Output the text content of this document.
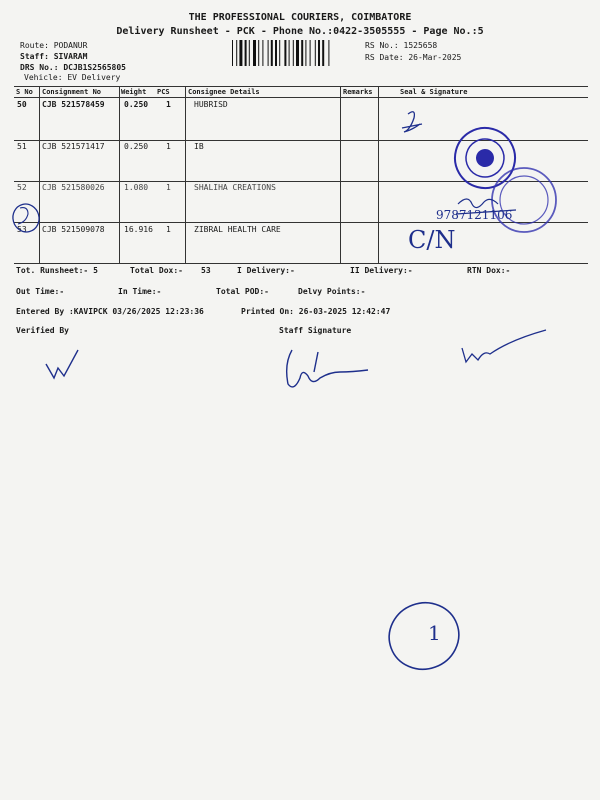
THE PROFESSIONAL COURIERS, COIMBATORE
Delivery Runsheet - PCK - Phone No.:0422-3505555 - Page No.:5
Route: PODANUR
Staff: SIVARAM
DRS No.: DCJB1S2565805
Vehicle: EV Delivery
RS No.: 1525658
RS Date: 26-Mar-2025
S No Consignment No	Weight PCS	Consignee Details	Remarks	Seal & Signature
50 CJB 521578459 0.250 1	HUBRISD
51 CJB 521571417 0.250 1	IB
52 CJB 521580026 1.080 1	SHALIHA CREATIONS
53 CJB 521509078 16.916 1	ZIBRAL HEALTH CARE
Tot. Runsheet:- 5	Total Dox:- 53	I Delivery:-	II Delivery:-	RTN Dox:-
Out Time:-	In Time:-	Total POD:-	Delvy Points:-
Entered By :KAVIPCK 03/26/2025 12:23:36	Printed On: 26-03-2025 12:42:47
Verified By	Staff Signature
C/N
9787121106
1
